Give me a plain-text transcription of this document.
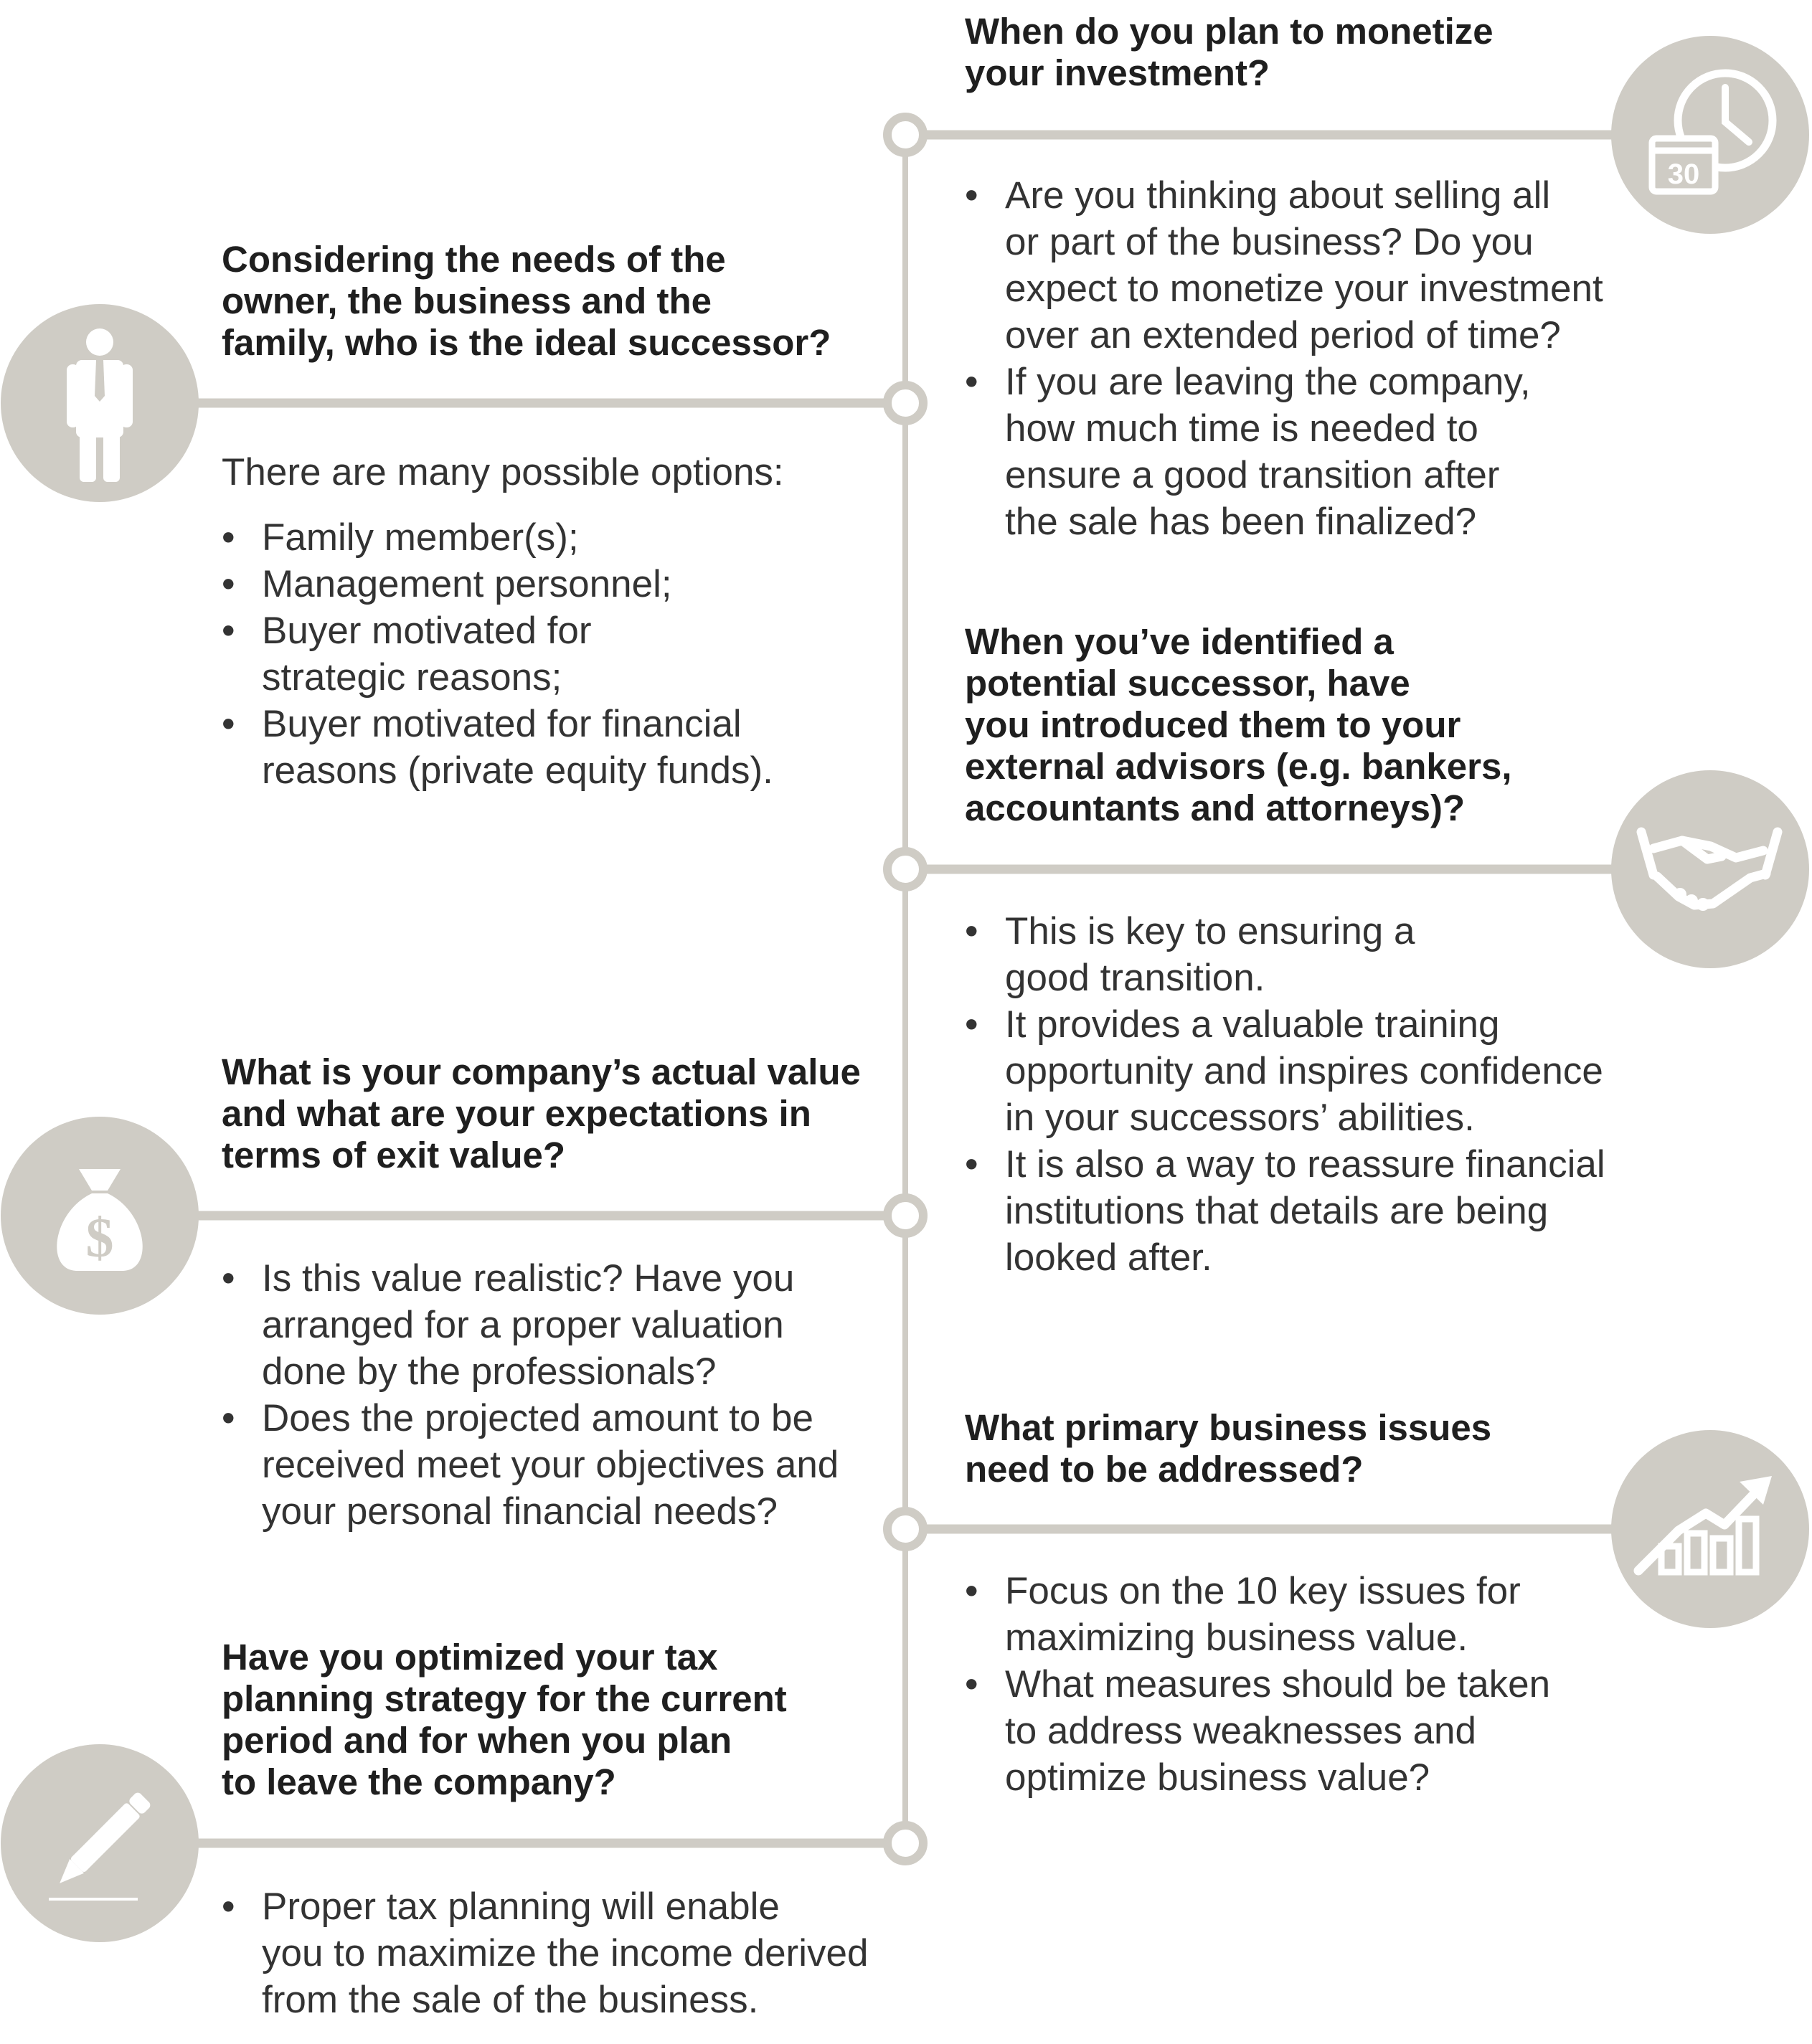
$
30

Considering the needs of the
owner, the business and the
family, who is the ideal successor?

There are many possible options:

• Family member(s);
• Management personnel;
• Buyer motivated for
strategic reasons;
• Buyer motivated for financial
reasons (private equity funds).

What is your company’s actual value
and what are your expectations in
terms of exit value?

• Is this value realistic? Have you
arranged for a proper valuation
done by the professionals?
• Does the projected amount to be
received meet your objectives and
your personal financial needs?

Have you optimized your tax
planning strategy for the current
period and for when you plan
to leave the company?

• Proper tax planning will enable
you to maximize the income derived
from the sale of the business.

When do you plan to monetize
your investment?

• Are you thinking about selling all
or part of the business? Do you
expect to monetize your investment
over an extended period of time?
• If you are leaving the company,
how much time is needed to
ensure a good transition after
the sale has been finalized?

When you’ve identified a
potential successor, have
you introduced them to your
external advisors (e.g. bankers,
accountants and attorneys)?

• This is key to ensuring a
good transition.
• It provides a valuable training
opportunity and inspires confidence
in your successors’ abilities.
• It is also a way to reassure financial
institutions that details are being
looked after.

What primary business issues
need to be addressed?

• Focus on the 10 key issues for
maximizing business value.
• What measures should be taken
to address weaknesses and
optimize business value?
